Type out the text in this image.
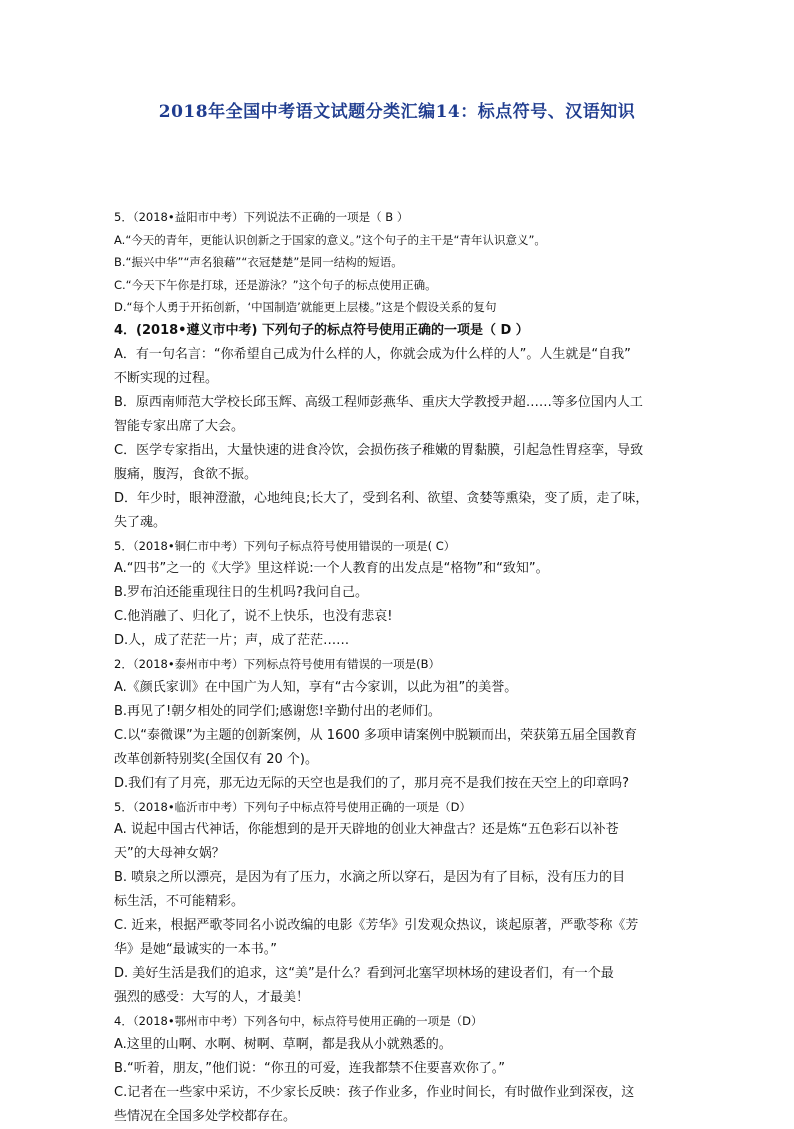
2018年全国中考语文试题分类汇编14：标点符号、汉语知识
5．（2018•益阳市中考）下列说法不正确的一项是（ B ）
A.“今天的青年，更能认识创新之于国家的意义。”这个句子的主干是“青年认识意义”。
B.“振兴中华”“声名狼藉”“衣冠楚楚”是同一结构的短语。
C.“今天下午你是打球，还是游泳？”这个句子的标点使用正确。
D.“每个人勇于开拓创新，‘中国制造’就能更上层楼。”这是个假设关系的复句
4．(2018•遵义市中考) 下列句子的标点符号使用正确的一项是（ D ）
A．有一句名言：“你希望自己成为什么样的人，你就会成为什么样的人”。人生就是“自我”
不断实现的过程。
B．原西南师范大学校长邱玉辉、高级工程师彭燕华、重庆大学教授尹超……等多位国内人工
智能专家出席了大会。
C．医学专家指出，大量快速的进食冷饮，会损伤孩子稚嫩的胃黏膜，引起急性胃痉挛，导致
腹痛，腹泻，食欲不振。
D．年少时，眼神澄澈，心地纯良;长大了，受到名利、欲望、贪婪等熏染，变了质，走了味，
失了魂。
5．（2018•铜仁市中考）下列句子标点符号使用错误的一项是( C）
A.“四书”之一的《大学》里这样说:一个人教育的出发点是“格物”和“致知”。
B.罗布泊还能重现往日的生机吗?我问自己。
C.他消融了、归化了，说不上快乐，也没有悲哀!
D.人，成了茫茫一片；声，成了茫茫……
2．（2018•泰州市中考）下列标点符号使用有错误的一项是(B）
A.《颜氏家训》在中国广为人知，享有“古今家训，以此为祖”的美誉。
B.再见了!朝夕相处的同学们;感谢您!辛勤付出的老师们。
C.以“泰微课”为主题的创新案例，从 1600 多项申请案例中脱颖而出，荣获第五届全国教育
改革创新特别奖(全国仅有 20 个)。
D.我们有了月亮，那无边无际的天空也是我们的了，那月亮不是我们按在天空上的印章吗?
5．（2018•临沂市中考）下列句子中标点符号使用正确的一项是（D）
A. 说起中国古代神话，你能想到的是开天辟地的创业大神盘古？还是炼“五色彩石以补苍
天”的大母神女娲？
B. 喷泉之所以漂亮，是因为有了压力，水滴之所以穿石，是因为有了目标，没有压力的目
标生活，不可能精彩。
C. 近来，根据严歌苓同名小说改编的电影《芳华》引发观众热议，谈起原著，严歌苓称《芳
华》是她“最诚实的一本书。”
D. 美好生活是我们的追求，这“美”是什么？看到河北塞罕坝林场的建设者们，有一个最
强烈的感受：大写的人，才最美！
4．（2018•鄂州市中考）下列各句中，标点符号使用正确的一项是（D）
A.这里的山啊、水啊、树啊、草啊，都是我从小就熟悉的。
B.“听着，朋友，”他们说：“你丑的可爱，连我都禁不住要喜欢你了。”
C.记者在一些家中采访，不少家长反映：孩子作业多，作业时间长，有时做作业到深夜，这
些情况在全国多处学校都存在。
